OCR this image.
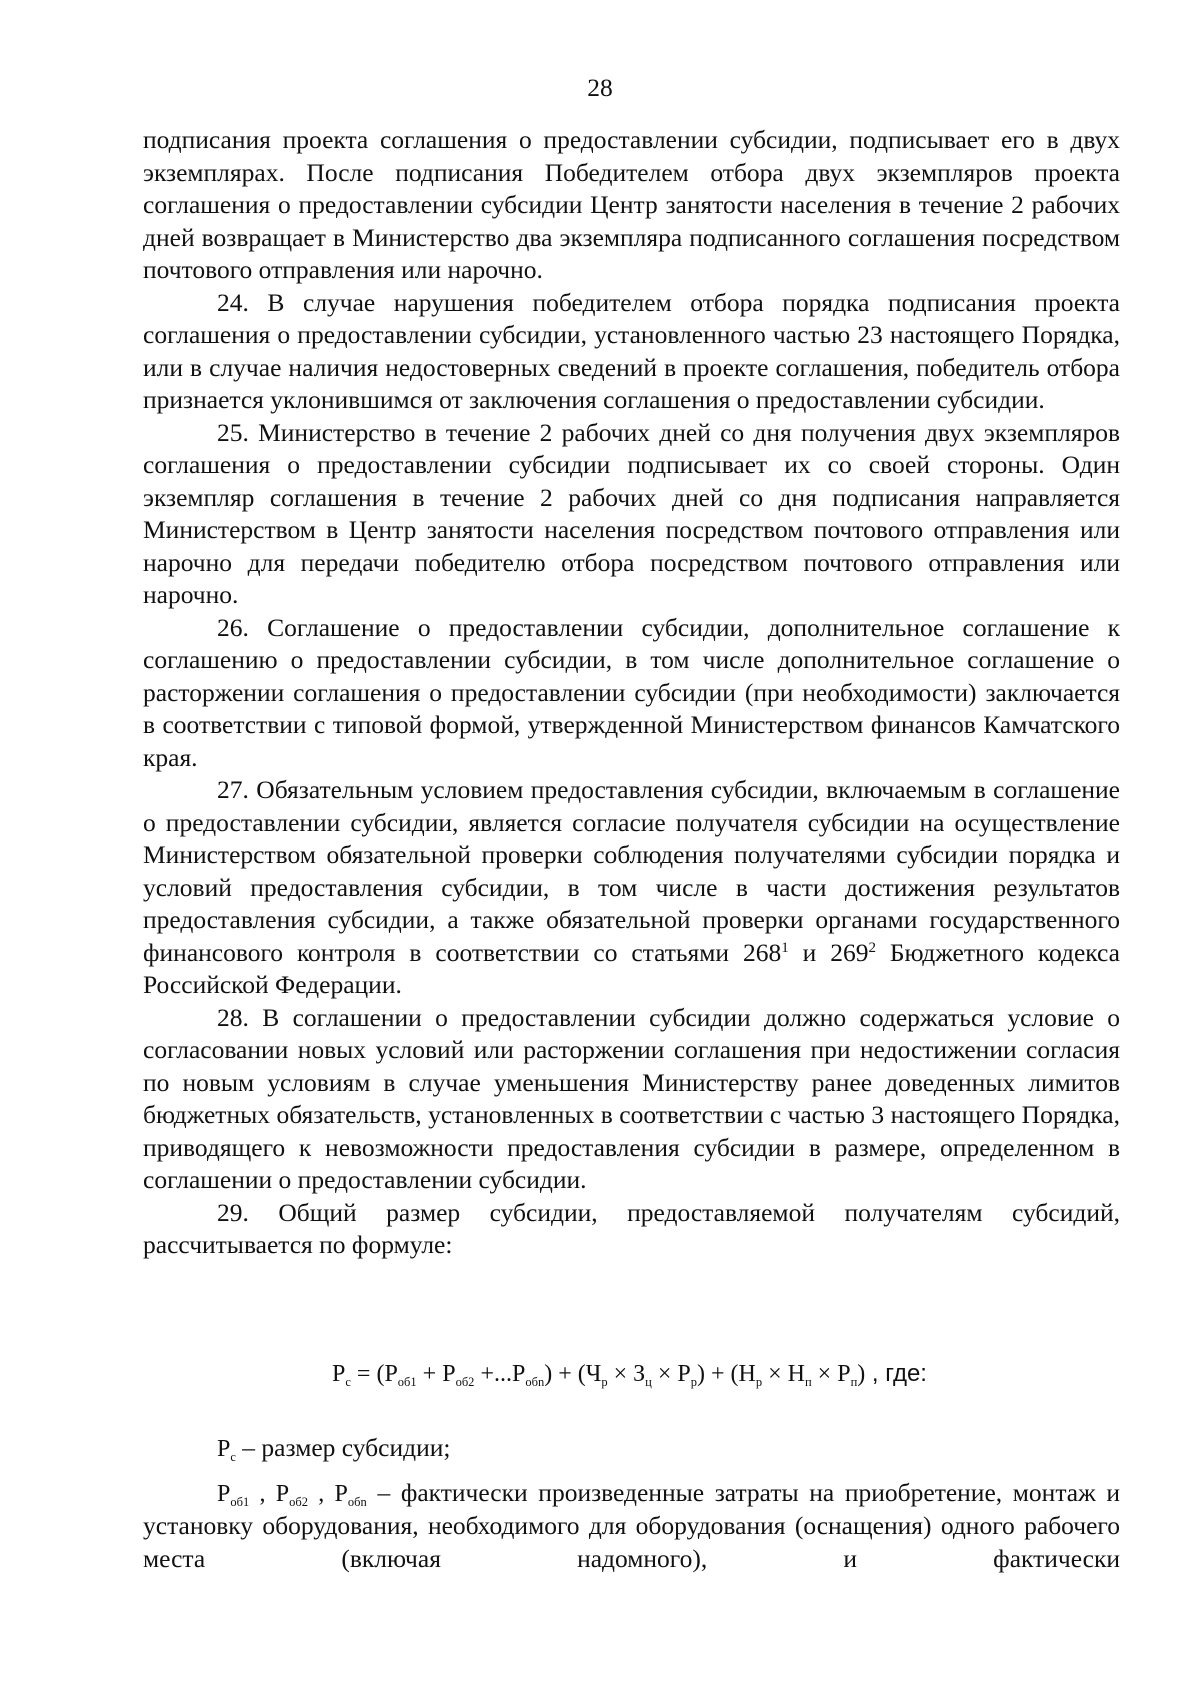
28

подписания проекта соглашения о предоставлении субсидии, подписывает его в двух экземплярах. После подписания Победителем отбора двух экземпляров проекта соглашения о предоставлении субсидии Центр занятости населения в течение 2 рабочих дней возвращает в Министерство два экземпляра подписанного соглашения посредством почтового отправления или нарочно.

24. В случае нарушения победителем отбора порядка подписания проекта соглашения о предоставлении субсидии, установленного частью 23 настоящего Порядка, или в случае наличия недостоверных сведений в проекте соглашения, победитель отбора признается уклонившимся от заключения соглашения о предоставлении субсидии.

25. Министерство в течение 2 рабочих дней со дня получения двух экземпляров соглашения о предоставлении субсидии подписывает их со своей стороны. Один экземпляр соглашения в течение 2 рабочих дней со дня подписания направляется Министерством в Центр занятости населения посредством почтового отправления или нарочно для передачи победителю отбора посредством почтового отправления или нарочно.

26. Соглашение о предоставлении субсидии, дополнительное соглашение к соглашению о предоставлении субсидии, в том числе дополнительное соглашение о расторжении соглашения о предоставлении субсидии (при необходимости) заключается в соответствии с типовой формой, утвержденной Министерством финансов Камчатского края.

27. Обязательным условием предоставления субсидии, включаемым в соглашение о предоставлении субсидии, является согласие получателя субсидии на осуществление Министерством обязательной проверки соблюдения получателями субсидии порядка и условий предоставления субсидии, в том числе в части достижения результатов предоставления субсидии, а также обязательной проверки органами государственного финансового контроля в соответствии со статьями $268^1$ и $269^2$ Бюджетного кодекса Российской Федерации.

28. В соглашении о предоставлении субсидии должно содержаться условие о согласовании новых условий или расторжении соглашения при недостижении согласия по новым условиям в случае уменьшения Министерству ранее доведенных лимитов бюджетных обязательств, установленных в соответствии с частью 3 настоящего Порядка, приводящего к невозможности предоставления субсидии в размере, определенном в соглашении о предоставлении субсидии.

29. Общий размер субсидии, предоставляемой получателям субсидий, рассчитывается по формуле:

$Р_с = (Р_{об1} + Р_{об2} +...Р_{обn}) + (Ч_р \times З_ц \times Р_р) + (Н_р \times Н_п \times Р_п)$ , где:

$Р_с$ – размер субсидии;

$Р_{об1}$ , $Р_{об2}$ , $Р_{обn}$ – фактически произведенные затраты на приобретение, монтаж и установку оборудования, необходимого для оборудования (оснащения) одного рабочего места (включая надомного), и фактически
